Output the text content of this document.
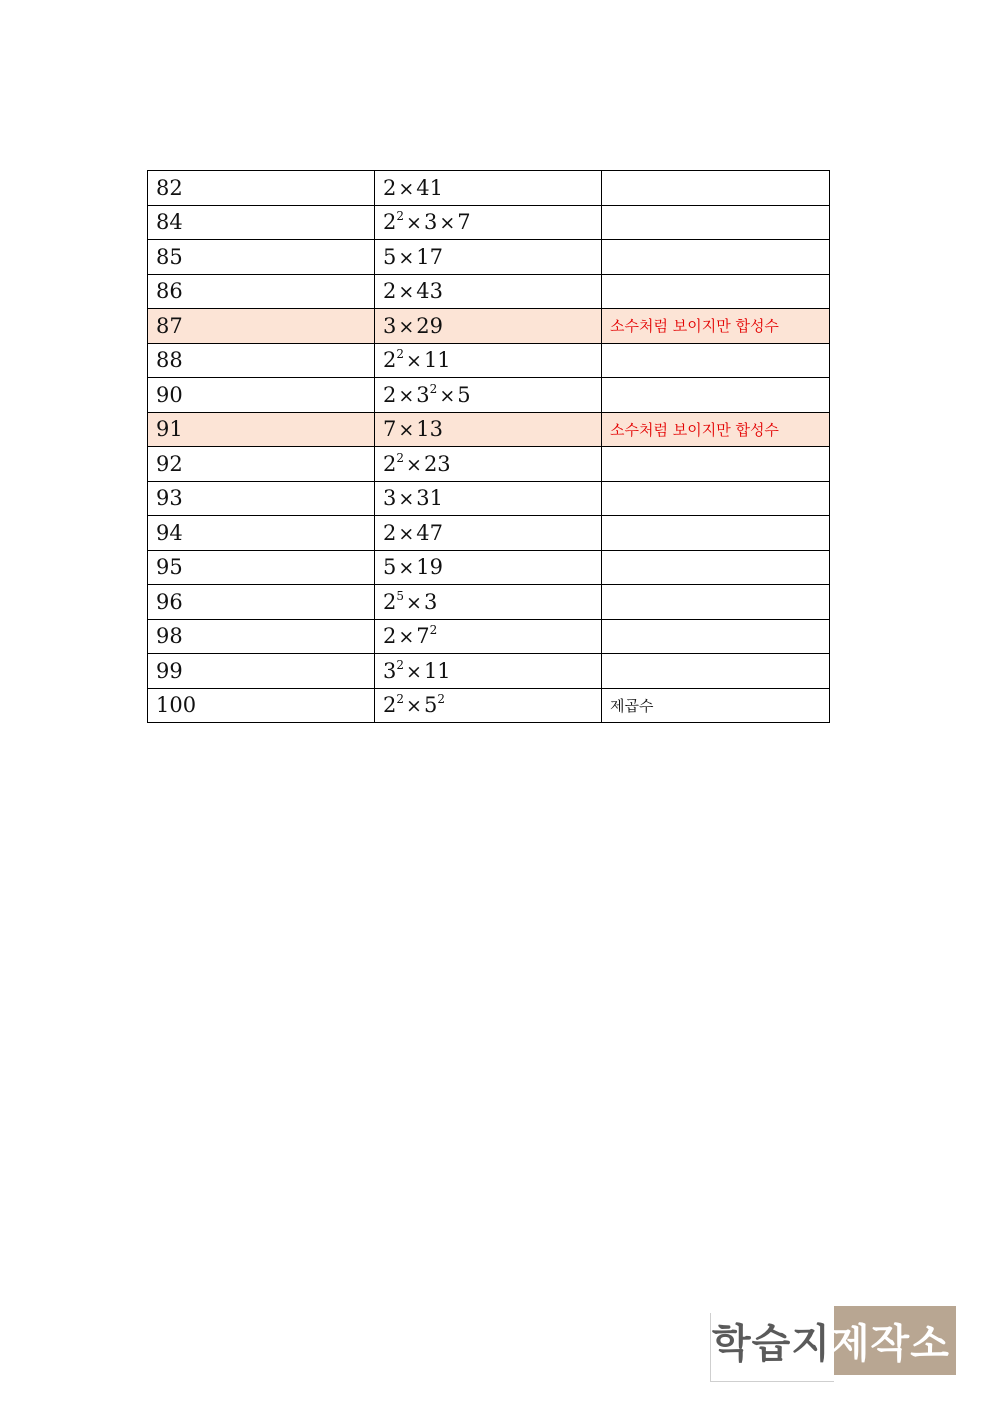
82	2 ×41	
84	$2^2 \times 3 \times 7$	
85	5 ×17	
86	2 ×43	
87	3 ×29	소수처럼 보이지만 합성수
88	$2^2 \times 11$	
90	$2 \times 3^2 \times 5$	
91	7 ×13	소수처럼 보이지만 합성수
92	$2^2 \times 23$	
93	3 ×31	
94	2 ×47	
95	5 ×19	
96	$2^5 \times 3$	
98	$2 \times 7^2$	
99	$3^2 \times 11$	
100	$2^2 \times 5^2$	제곱수
학습지제작소
